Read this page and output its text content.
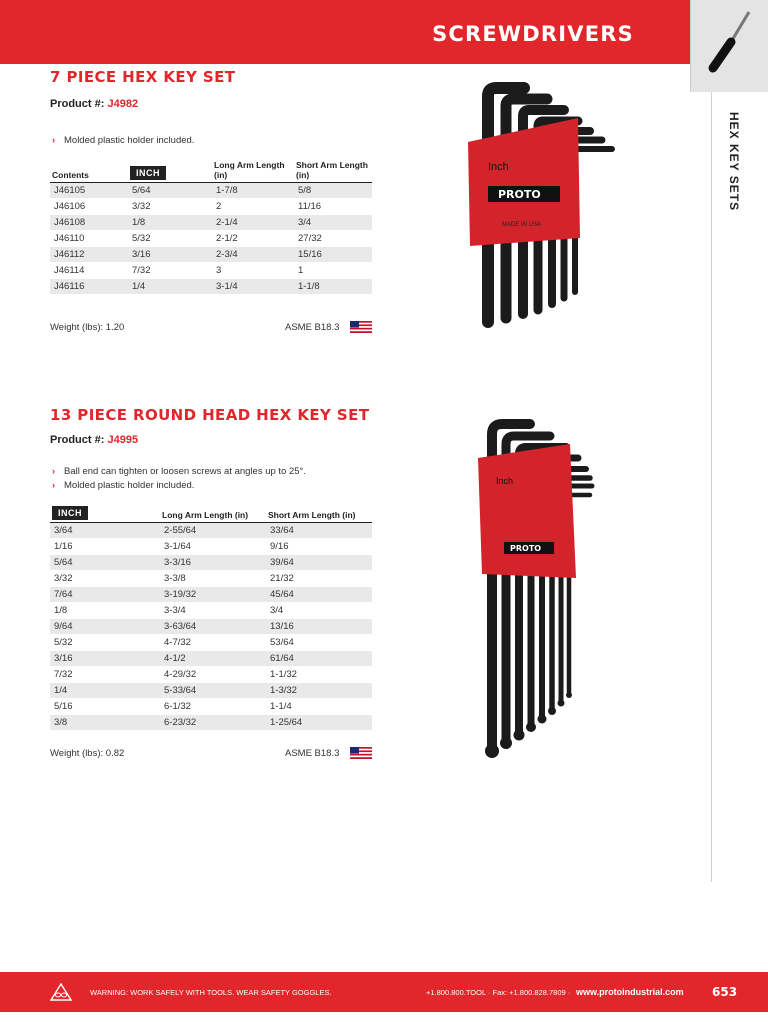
SCREWDRIVERS
HEX KEY SETS
7 PIECE HEX KEY SET
Product #: J4982
› Molded plastic holder included.
Contents	INCH	Long Arm Length (in)	Short Arm Length (in)
J46105	5/64	1-7/8	5/8
J46106	3/32	2	11/16
J46108	1/8	2-1/4	3/4
J46110	5/32	2-1/2	27/32
J46112	3/16	2-3/4	15/16
J46114	7/32	3	1
J46116	1/4	3-1/4	1-1/8
Weight (lbs): 1.20	ASME B18.3
Inch
PROTO
MADE IN USA
13 PIECE ROUND HEAD HEX KEY SET
Product #: J4995
› Ball end can tighten or loosen screws at angles up to 25°.
› Molded plastic holder included.
INCH	Long Arm Length (in)	Short Arm Length (in)
3/64	2-55/64	33/64
1/16	3-1/64	9/16
5/64	3-3/16	39/64
3/32	3-3/8	21/32
7/64	3-19/32	45/64
1/8	3-3/4	3/4
9/64	3-63/64	13/16
5/32	4-7/32	53/64
3/16	4-1/2	61/64
7/32	4-29/32	1-1/32
1/4	5-33/64	1-3/32
5/16	6-1/32	1-1/4
3/8	6-23/32	1-25/64
Weight (lbs): 0.82	ASME B18.3
Inch
PROTO
WARNING: WORK SAFELY WITH TOOLS. WEAR SAFETY GOGGLES.	+1.800.800.TOOL · Fax: +1.800.828.7809 · www.protoindustrial.com 653
